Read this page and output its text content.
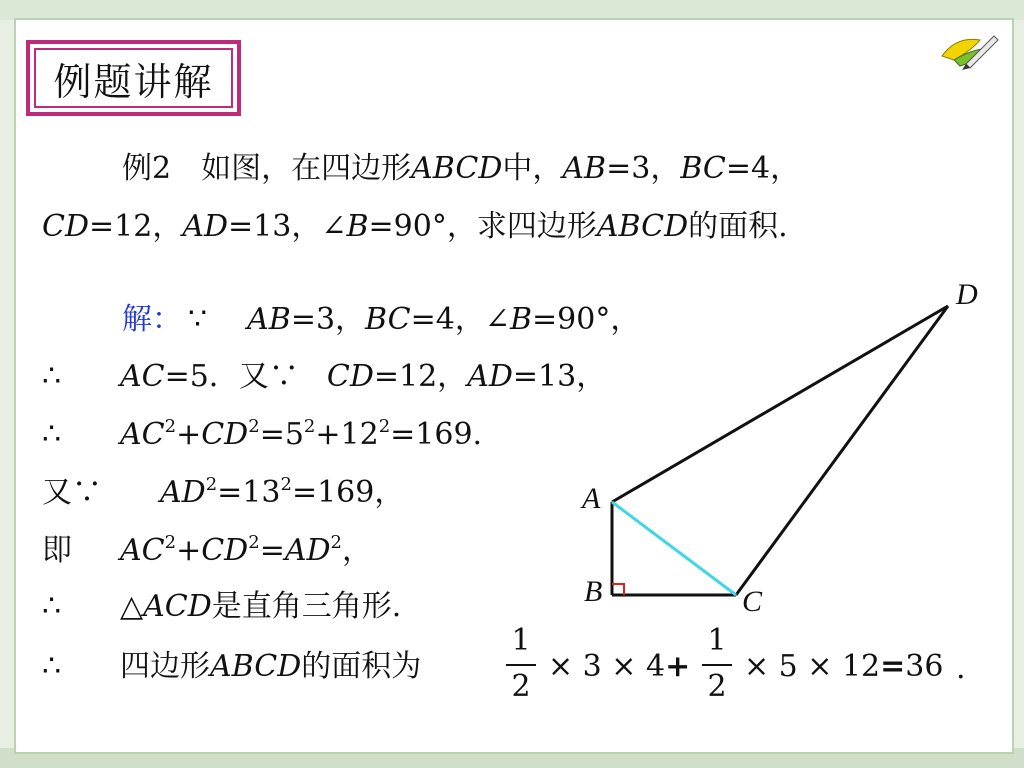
例题讲解
例2　如图，在四边形ABCD中，AB=3，BC=4，
CD=12，AD=13，∠B=90°，求四边形ABCD的面积.
解： ∵ AB=3，BC=4，∠B=90°，
∴ AC=5．又∵ CD=12，AD=13，
∴ $AC^2+CD^2=5^2+12^2=169$.
又∵ $AD^2=13^2=169$，
即 $AC^2+CD^2=AD^2$，
∴ △ACD是直角三角形.
∴ 四边形ABCD的面积为
1
2
× 3 × 4+
1
2
× 5 × 12=36 .
A
B	C
D
